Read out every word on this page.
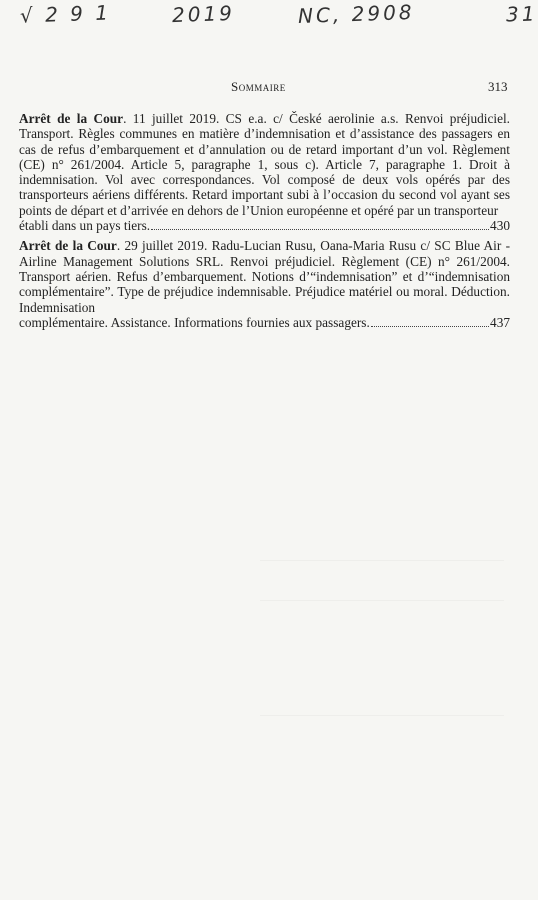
√ 2 9 1	2019	NC, 2908	31
Sommaire	313
Arrêt de la Cour. 11 juillet 2019. CS e.a. c/ České aerolinie a.s. Renvoi préjudiciel. Transport. Règles communes en matière d’indemnisation et d’assistance des passagers en cas de refus d’embarquement et d’annulation ou de retard important d’un vol. Règlement (CE) n° 261/2004. Article 5, paragraphe 1, sous c). Article 7, paragraphe 1. Droit à indemnisation. Vol avec correspondances. Vol composé de deux vols opérés par des transporteurs aériens différents. Retard important subi à l’occasion du second vol ayant ses points de départ et d’arrivée en dehors de l’Union européenne et opéré par un transporteur
établi dans un pays tiers.	430
Arrêt de la Cour. 29 juillet 2019. Radu-Lucian Rusu, Oana-Maria Rusu c/ SC Blue Air - Airline Management Solutions SRL. Renvoi préjudiciel. Règlement (CE) n° 261/2004. Transport aérien. Refus d’embarquement. Notions d’“indemnisation” et d’“indemnisation complémentaire”. Type de préjudice indemnisable. Préjudice matériel ou moral. Déduction. Indemnisation
complémentaire. Assistance. Informations fournies aux passagers.	437
